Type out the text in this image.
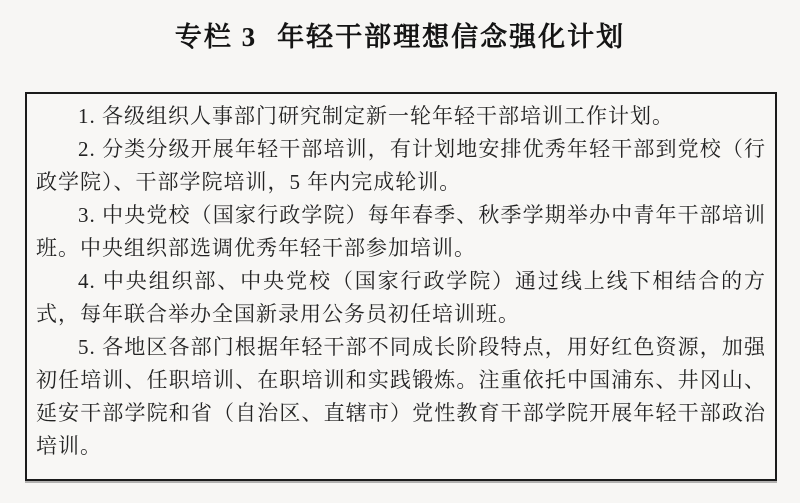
专栏 3 年轻干部理想信念强化计划

1. 各级组织人事部门研究制定新一轮年轻干部培训工作计划。

2. 分类分级开展年轻干部培训，有计划地安排优秀年轻干部到党校（行政学院）、干部学院培训，5 年内完成轮训。

3. 中央党校（国家行政学院）每年春季、秋季学期举办中青年干部培训班。中央组织部选调优秀年轻干部参加培训。

4. 中央组织部、中央党校（国家行政学院）通过线上线下相结合的方式，每年联合举办全国新录用公务员初任培训班。

5. 各地区各部门根据年轻干部不同成长阶段特点，用好红色资源，加强初任培训、任职培训、在职培训和实践锻炼。注重依托中国浦东、井冈山、延安干部学院和省（自治区、直辖市）党性教育干部学院开展年轻干部政治培训。
